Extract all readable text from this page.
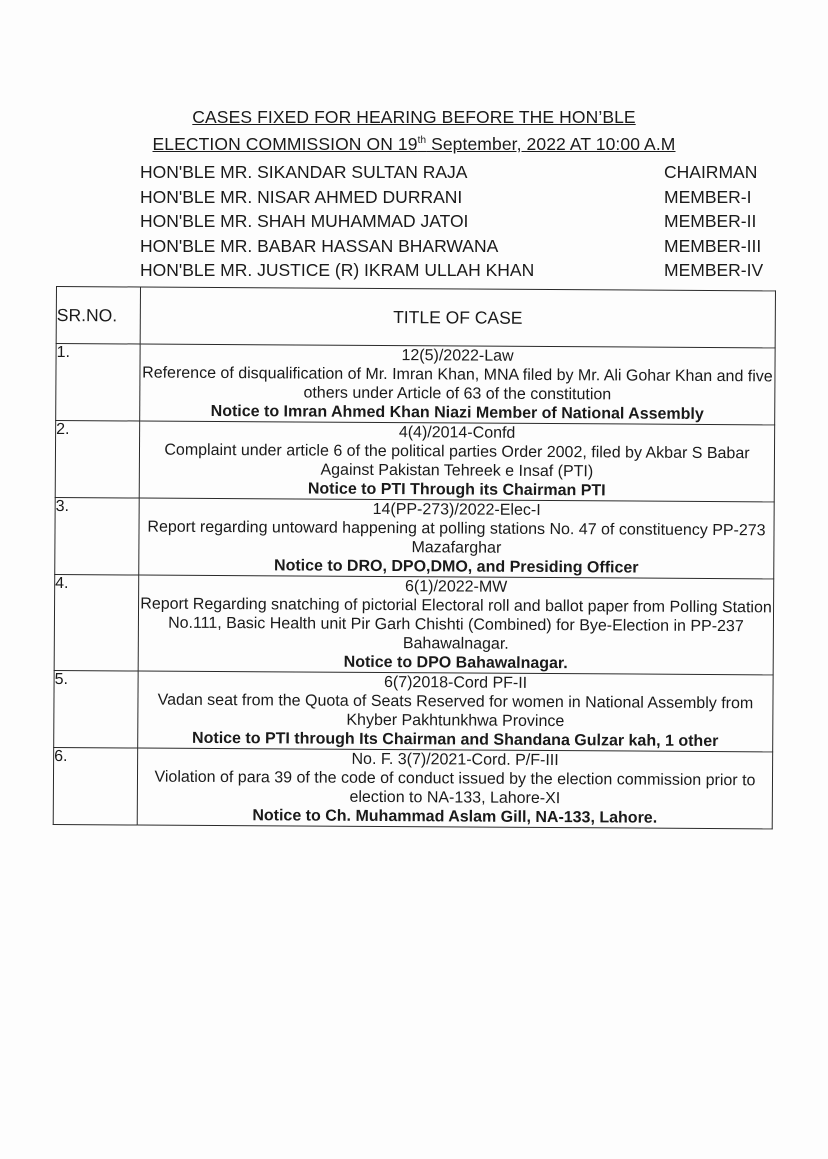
CASES FIXED FOR HEARING BEFORE THE HON’BLE
ELECTION COMMISSION ON 19th September, 2022 AT 10:00 A.M
HON'BLE MR. SIKANDAR SULTAN RAJA	CHAIRMAN
HON'BLE MR. NISAR AHMED DURRANI	MEMBER-I
HON'BLE MR. SHAH MUHAMMAD JATOI	MEMBER-II
HON'BLE MR. BABAR HASSAN BHARWANA	MEMBER-III
HON'BLE MR. JUSTICE (R) IKRAM ULLAH KHAN	MEMBER-IV
SR.NO.	TITLE OF CASE
1.	12(5)/2022-Law
Reference of disqualification of Mr. Imran Khan, MNA filed by Mr. Ali Gohar Khan and five others under Article of 63 of the constitution
Notice to Imran Ahmed Khan Niazi Member of National Assembly

2.	4(4)/2014-Confd
Complaint under article 6 of the political parties Order 2002, filed by Akbar S Babar Against Pakistan Tehreek e Insaf (PTI)
Notice to PTI Through its Chairman PTI

3.	14(PP-273)/2022-Elec-I
Report regarding untoward happening at polling stations No. 47 of constituency PP-273 Mazafarghar
Notice to DRO, DPO,DMO, and Presiding Officer

4.	6(1)/2022-MW
Report Regarding snatching of pictorial Electoral roll and ballot paper from Polling Station No.111, Basic Health unit Pir Garh Chishti (Combined) for Bye-Election in PP-237 Bahawalnagar.
Notice to DPO Bahawalnagar.

5.	6(7)2018-Cord PF-II
Vadan seat from the Quota of Seats Reserved for women in National Assembly from Khyber Pakhtunkhwa Province
Notice to PTI through Its Chairman and Shandana Gulzar kah, 1 other

6.	No. F. 3(7)/2021-Cord. P/F-III
Violation of para 39 of the code of conduct issued by the election commission prior to election to NA-133, Lahore-XI
Notice to Ch. Muhammad Aslam Gill, NA-133, Lahore.
